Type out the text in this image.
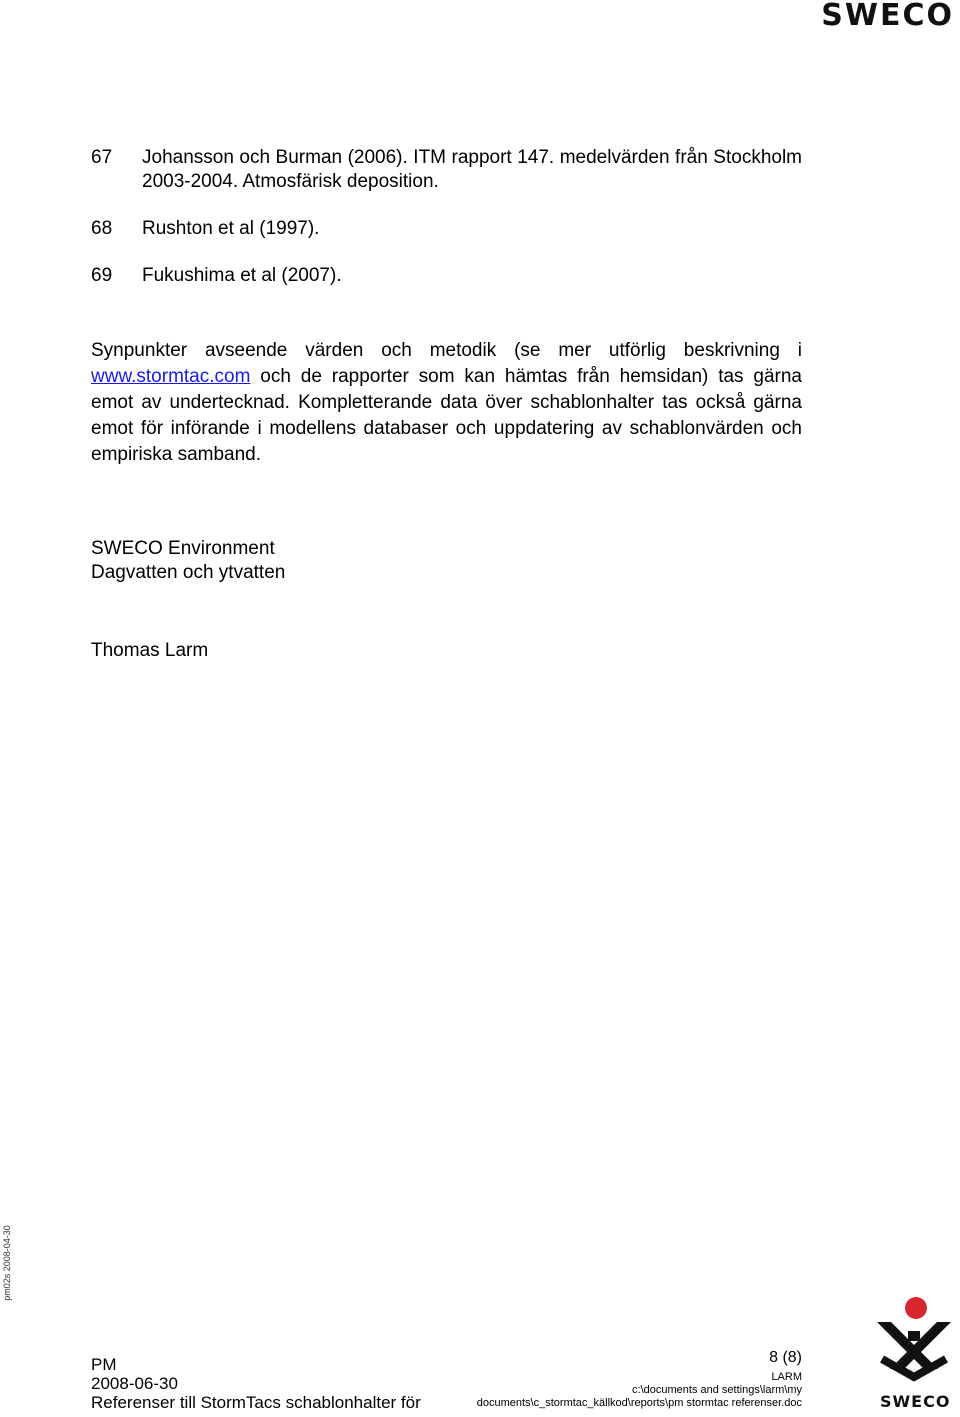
SWECO
67 Johansson och Burman (2006). ITM rapport 147. medelvärden från Stockholm 2003-2004. Atmosfärisk deposition.
68 Rushton et al (1997).
69 Fukushima et al (2007).
Synpunkter avseende värden och metodik (se mer utförlig beskrivning i www.stormtac.com och de rapporter som kan hämtas från hemsidan) tas gärna emot av undertecknad. Kompletterande data över schablonhalter tas också gärna emot för införande i modellens databaser och uppdatering av schablonvärden och empiriska samband.
SWECO Environment
Dagvatten och ytvatten
Thomas Larm
pm02s 2008-04-30
PM
2008-06-30
Referenser till StormTacs schablonhalter för
8 (8)
LARM
c:\documents and settings\larm\my
documents\c_stormtac_källkod\reports\pm stormtac referenser.doc	SWECO
